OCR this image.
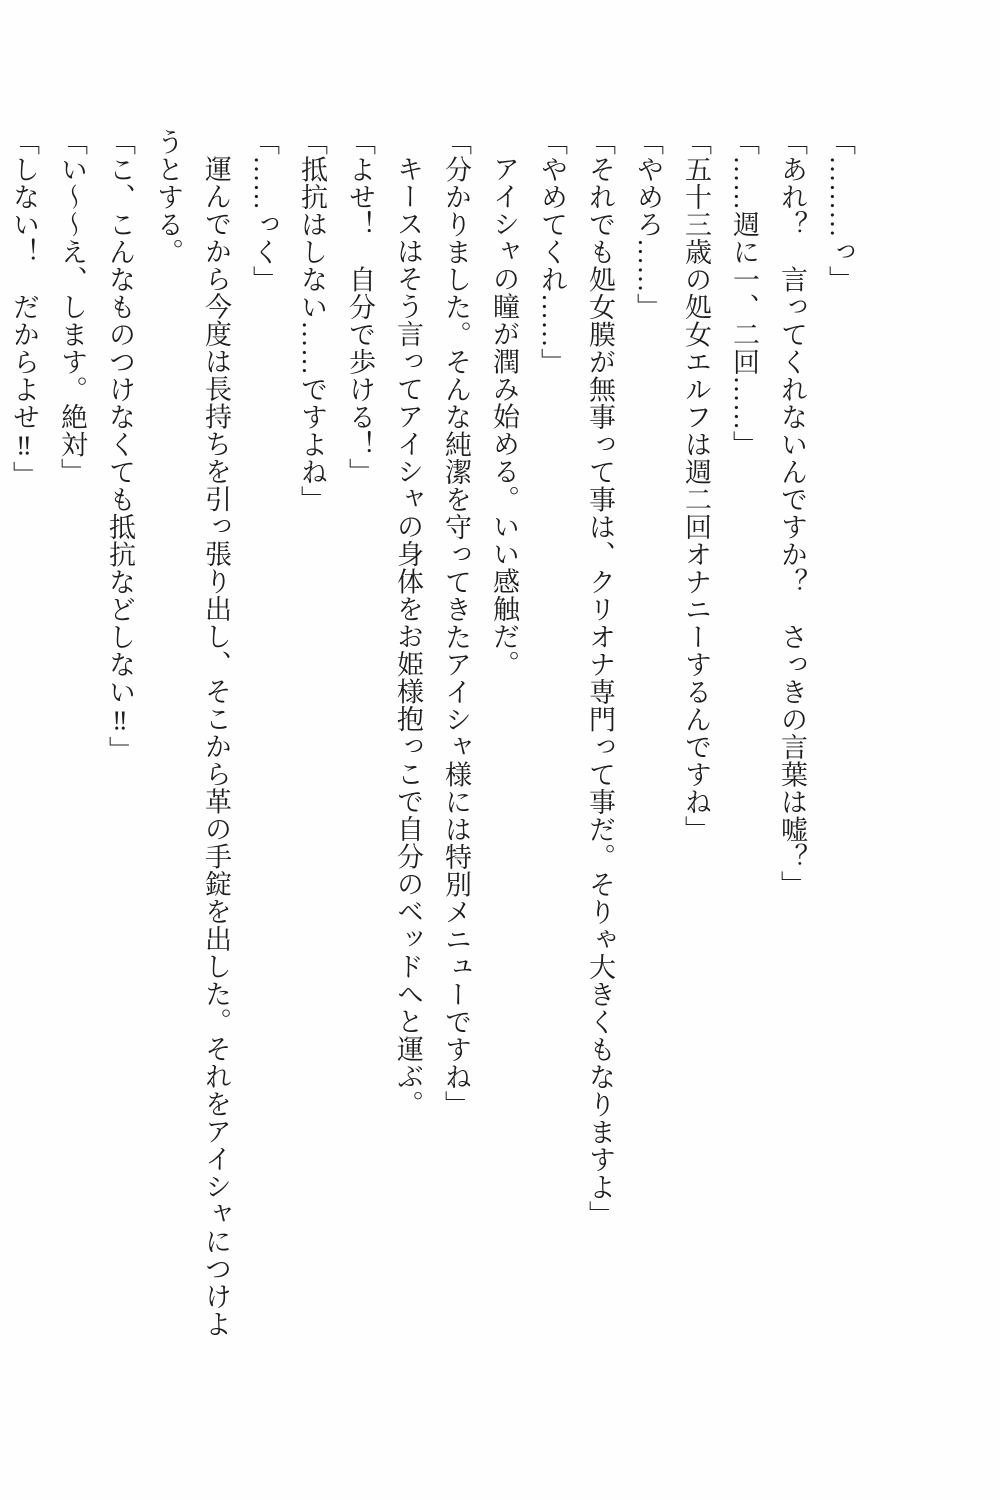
「………っ」

「あれ？　言ってくれないんですか？　さっきの言葉は嘘？」

「……週に一、二回……」

「五十三歳の処女エルフは週二回オナニーするんですね」

「やめろ……」

「それでも処女膜が無事って事は、クリオナ専門って事だ。そりゃ大きくもなりますよ」

「やめてくれ……」

アイシャの瞳が潤み始める。いい感触だ。

「分かりました。そんな純潔を守ってきたアイシャ様には特別メニューですね」

キースはそう言ってアイシャの身体をお姫様抱っこで自分のベッドへと運ぶ。

「よせ！　自分で歩ける！」

「抵抗はしない……ですよね」

「……っく」

運んでから今度は長持ちを引っ張り出し、そこから革の手錠を出した。それをアイシャにつけようとする。

「こ、こんなものつけなくても抵抗などしない‼」

「い～～え、します。絶対」

「しない！　だからよせ‼」
